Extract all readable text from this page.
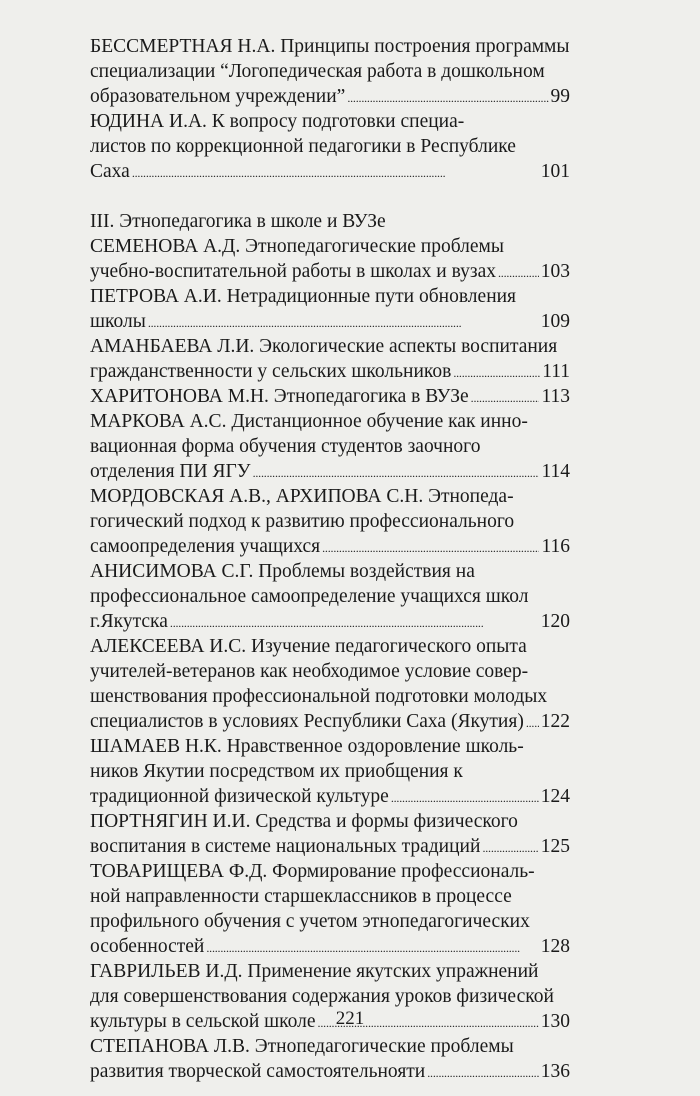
БЕССМЕРТНАЯ Н.А. Принципы построения программы
специализации “Логопедическая работа в дошкольном
образовательном учреждении” . . .	99
ЮДИНА И.А. К вопросу подготовки специа-
листов по коррекционной педагогики в Республике
Саха . . .	101
III. Этнопедагогика в школе и ВУЗе
СЕМЕНОВА А.Д. Этнопедагогические проблемы
учебно-воспитательной работы в школах и вузах . . . 103
ПЕТРОВА А.И. Нетрадиционные пути обновления
школы . . .	109
АМАНБАЕВА Л.И. Экологические аспекты воспитания
гражданственности у сельских школьников . . .	111
ХАРИТОНОВА М.Н. Этнопедагогика в ВУЗе . . .	113
МАРКОВА А.С. Дистанционное обучение как инно-
вационная форма обучения студентов заочного
отделения ПИ ЯГУ . . .	114
МОРДОВСКАЯ А.В., АРХИПОВА С.Н. Этнопеда-
гогический подход к развитию профессионального
самоопределения учащихся . . .	116
АНИСИМОВА С.Г. Проблемы воздействия на
профессиональное самоопределение учащихся школ
г.Якутска . . .	120
АЛЕКСЕЕВА И.С. Изучение педагогического опыта
учителей-ветеранов как необходимое условие совер-
шенствования профессиональной подготовки молодых
специалистов в условиях Республики Саха (Якутия) . . . 122
ШАМАЕВ Н.К. Нравственное оздоровление школь-
ников Якутии посредством их приобщения к
традиционной физической культуре . . .	124
ПОРТНЯГИН И.И. Средства и формы физического
воспитания в системе национальных традиций . . .	125
ТОВАРИЩЕВА Ф.Д. Формирование профессиональ-
ной направленности старшеклассников в процессе
профильного обучения с учетом этнопедагогических
особенностей . . .	128
ГАВРИЛЬЕВ И.Д. Применение якутских упражнений
для совершенствования содержания уроков физической
культуры в сельской школе . . .	130
СТЕПАНОВА Л.В. Этнопедагогические проблемы
развития творческой самостоятельнояти . . .	136
221
